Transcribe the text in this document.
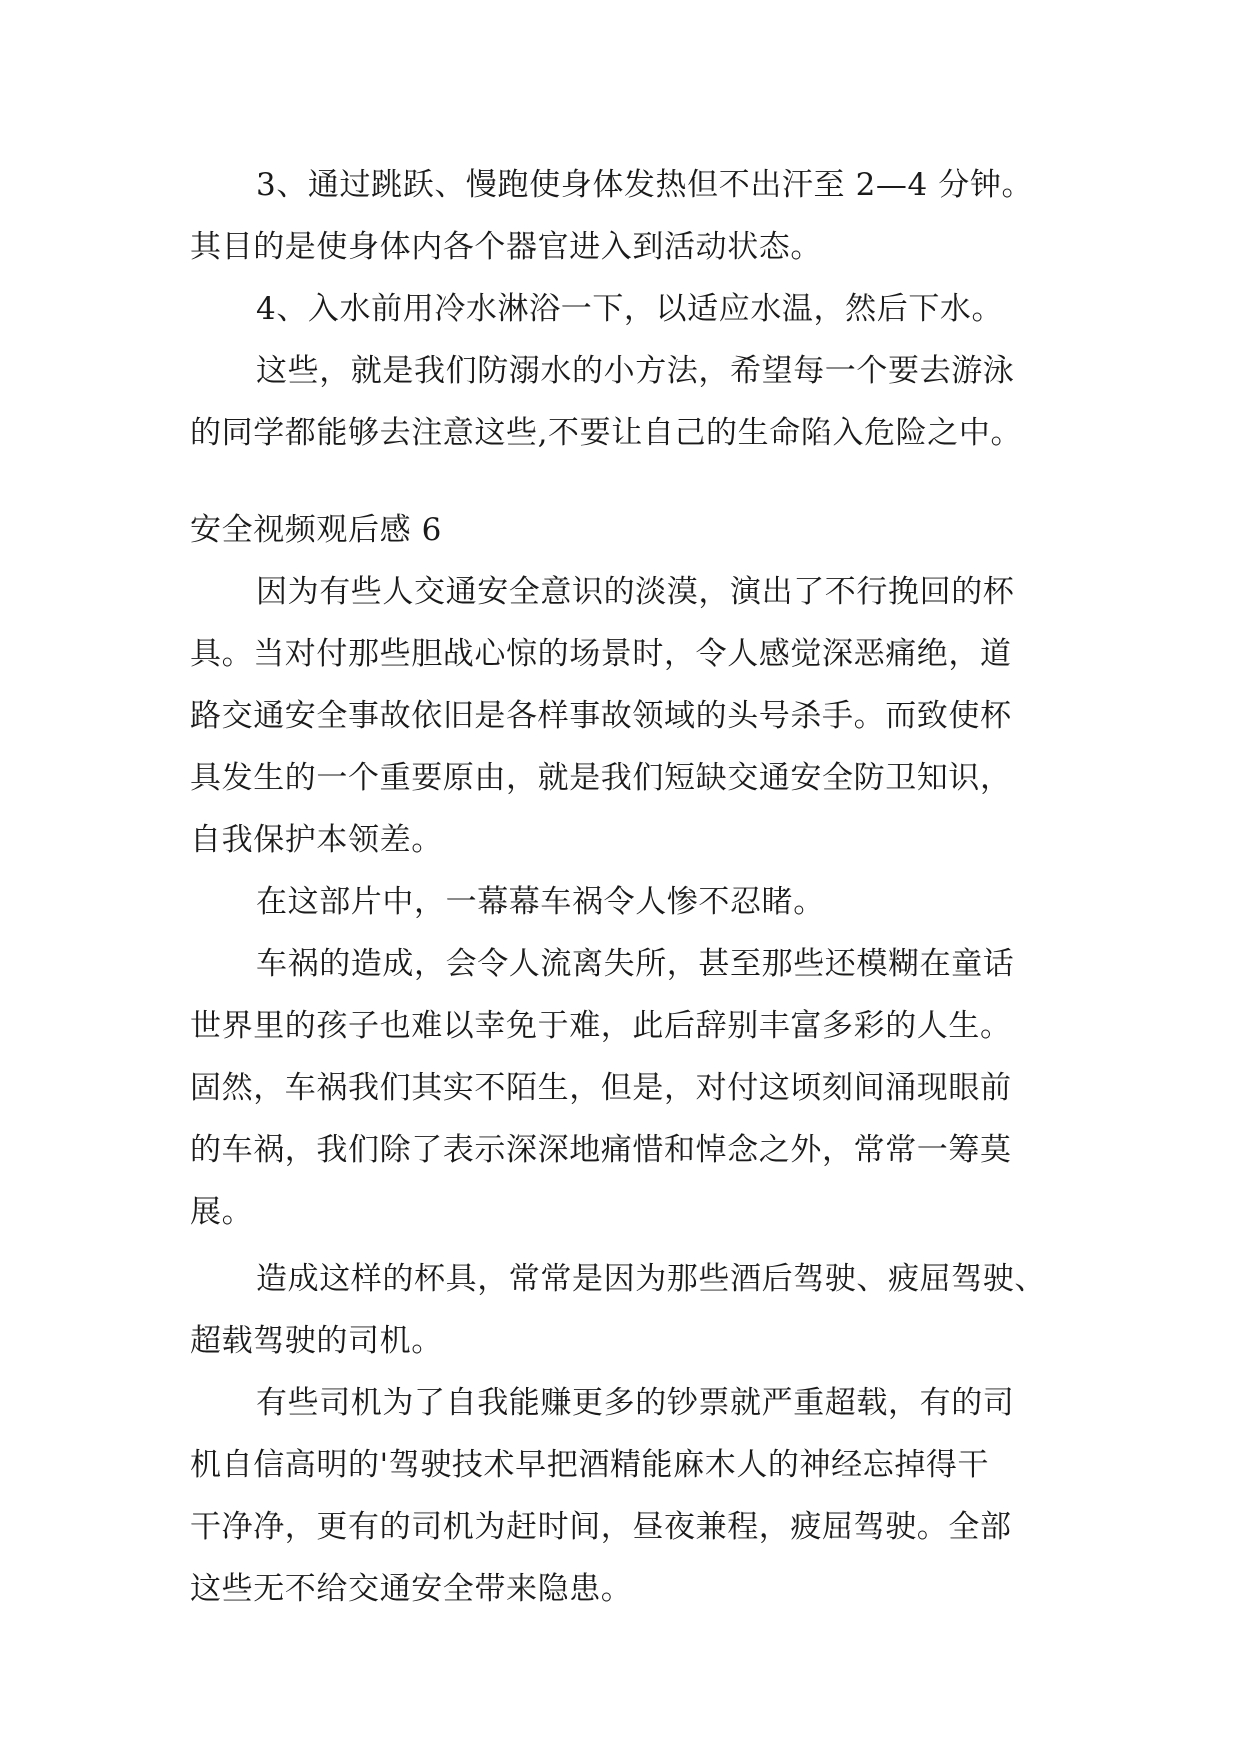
3、通过跳跃、慢跑使身体发热但不出汗至 2—4 分钟。
其目的是使身体内各个器官进入到活动状态。
4、入水前用冷水淋浴一下，以适应水温，然后下水。
这些，就是我们防溺水的小方法，希望每一个要去游泳
的同学都能够去注意这些,不要让自己的生命陷入危险之中。
安全视频观后感 6
因为有些人交通安全意识的淡漠，演出了不行挽回的杯
具。当对付那些胆战心惊的场景时，令人感觉深恶痛绝，道
路交通安全事故依旧是各样事故领域的头号杀手。而致使杯
具发生的一个重要原由，就是我们短缺交通安全防卫知识，
自我保护本领差。
在这部片中，一幕幕车祸令人惨不忍睹。
车祸的造成，会令人流离失所，甚至那些还模糊在童话
世界里的孩子也难以幸免于难，此后辞别丰富多彩的人生。
固然，车祸我们其实不陌生，但是，对付这顷刻间涌现眼前
的车祸，我们除了表示深深地痛惜和悼念之外，常常一筹莫
展。
造成这样的杯具，常常是因为那些酒后驾驶、疲屈驾驶、
超载驾驶的司机。
有些司机为了自我能赚更多的钞票就严重超载，有的司
机自信高明的'驾驶技术早把酒精能麻木人的神经忘掉得干
干净净，更有的司机为赶时间，昼夜兼程，疲屈驾驶。全部
这些无不给交通安全带来隐患。
